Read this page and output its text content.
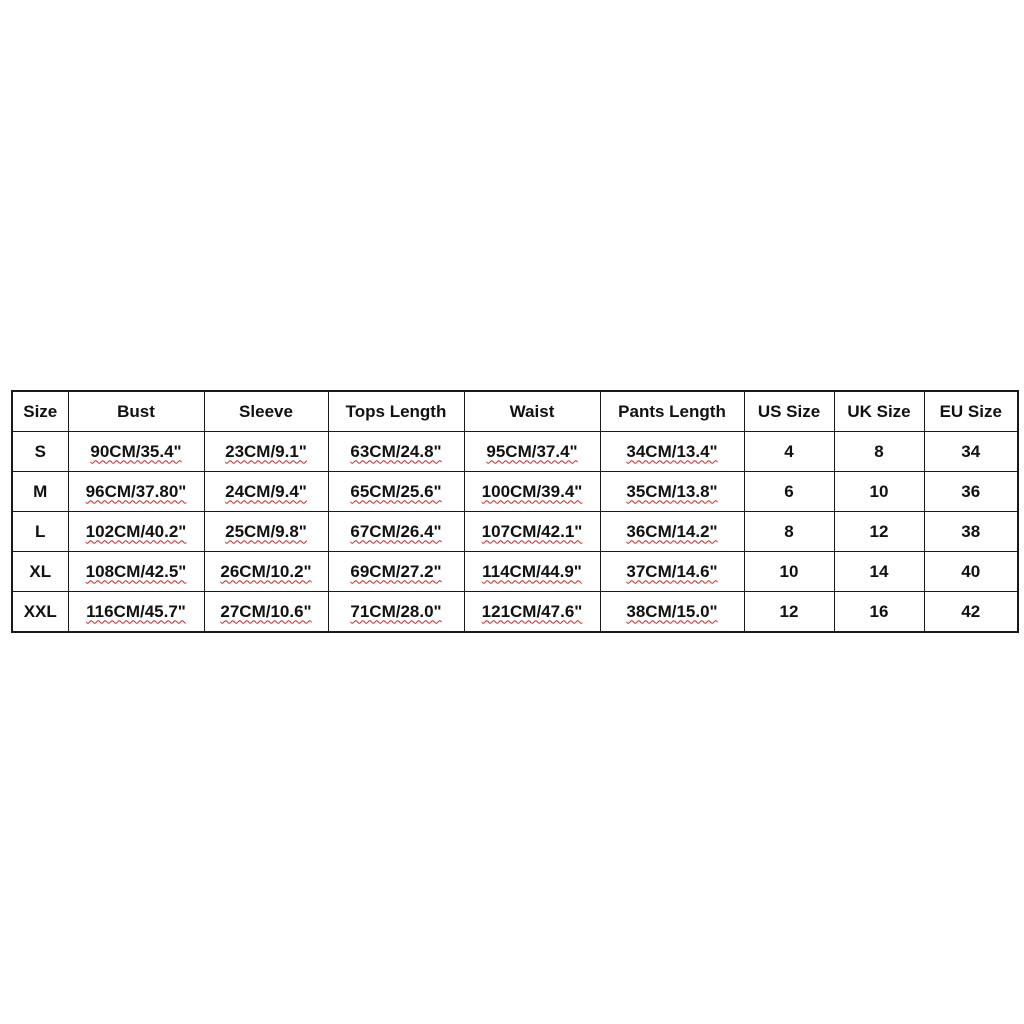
Size	Bust	Sleeve	Tops Length	Waist	Pants Length	US Size	UK Size	EU Size
S	90CM/35.4"	23CM/9.1"	63CM/24.8"	95CM/37.4"	34CM/13.4"	4	8	34
M	96CM/37.80"	24CM/9.4"	65CM/25.6"	100CM/39.4"	35CM/13.8"	6	10	36
L	102CM/40.2"	25CM/9.8"	67CM/26.4"	107CM/42.1"	36CM/14.2"	8	12	38
XL	108CM/42.5"	26CM/10.2"	69CM/27.2"	114CM/44.9"	37CM/14.6"	10	14	40
XXL	116CM/45.7"	27CM/10.6"	71CM/28.0"	121CM/47.6"	38CM/15.0"	12	16	42
